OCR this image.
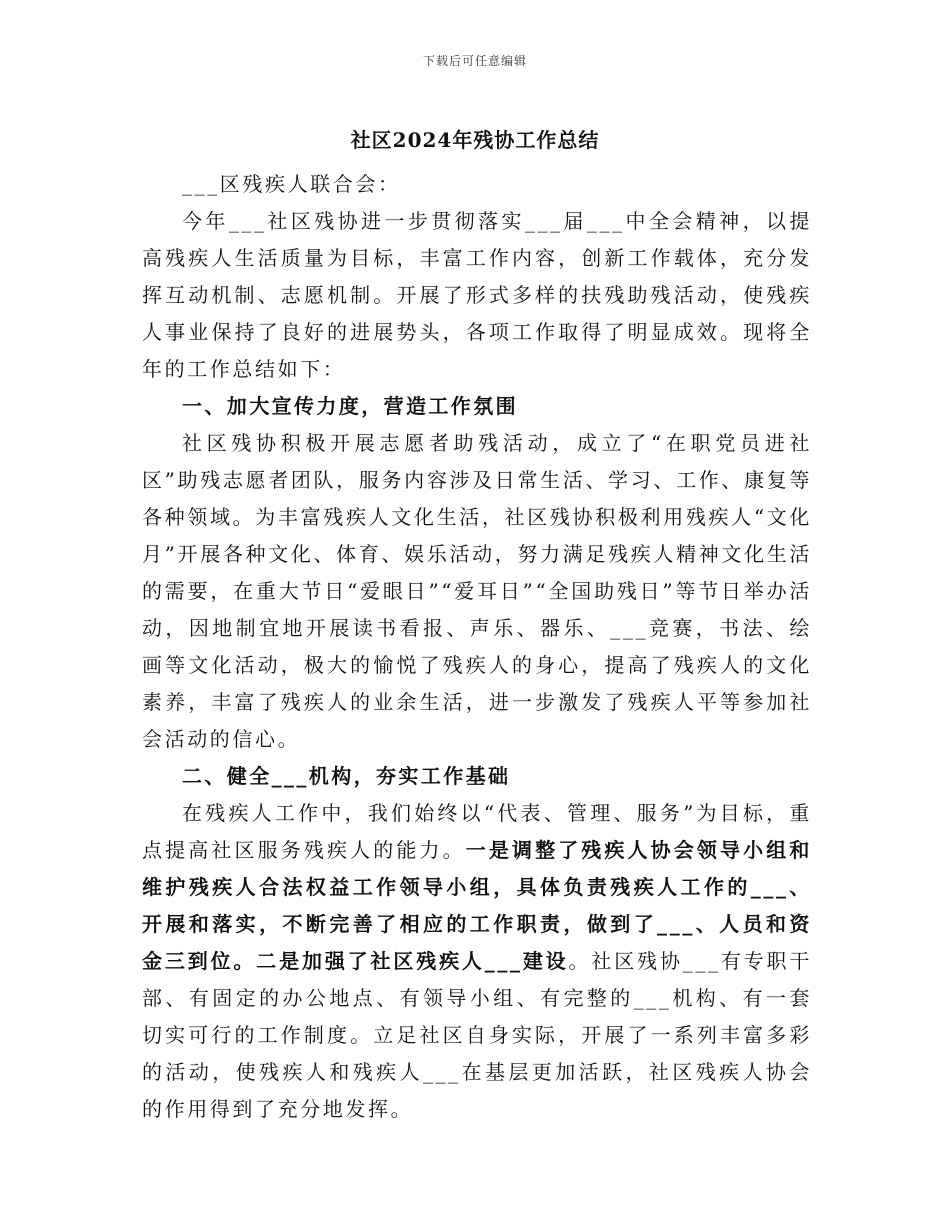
下载后可任意编辑
社区2024年残协工作总结

___区残疾人联合会：

今年___社区残协进一步贯彻落实___届___中全会精神，以提高残疾人生活质量为目标，丰富工作内容，创新工作载体，充分发挥互动机制、志愿机制。开展了形式多样的扶残助残活动，使残疾人事业保持了良好的进展势头，各项工作取得了明显成效。现将全年的工作总结如下：

一、加大宣传力度，营造工作氛围

社区残协积极开展志愿者助残活动，成立了“在职党员进社区”助残志愿者团队，服务内容涉及日常生活、学习、工作、康复等各种领域。为丰富残疾人文化生活，社区残协积极利用残疾人“文化月”开展各种文化、体育、娱乐活动，努力满足残疾人精神文化生活的需要，在重大节日“爱眼日”“爱耳日”“全国助残日”等节日举办活动，因地制宜地开展读书看报、声乐、器乐、___竞赛，书法、绘画等文化活动，极大的愉悦了残疾人的身心，提高了残疾人的文化素养，丰富了残疾人的业余生活，进一步激发了残疾人平等参加社会活动的信心。

二、健全___机构，夯实工作基础

在残疾人工作中，我们始终以“代表、管理、服务”为目标，重点提高社区服务残疾人的能力。一是调整了残疾人协会领导小组和维护残疾人合法权益工作领导小组，具体负责残疾人工作的___、开展和落实，不断完善了相应的工作职责，做到了___、人员和资金三到位。二是加强了社区残疾人___建设。社区残协___有专职干部、有固定的办公地点、有领导小组、有完整的___机构、有一套切实可行的工作制度。立足社区自身实际，开展了一系列丰富多彩的活动，使残疾人和残疾人___在基层更加活跃，社区残疾人协会的作用得到了充分地发挥。
